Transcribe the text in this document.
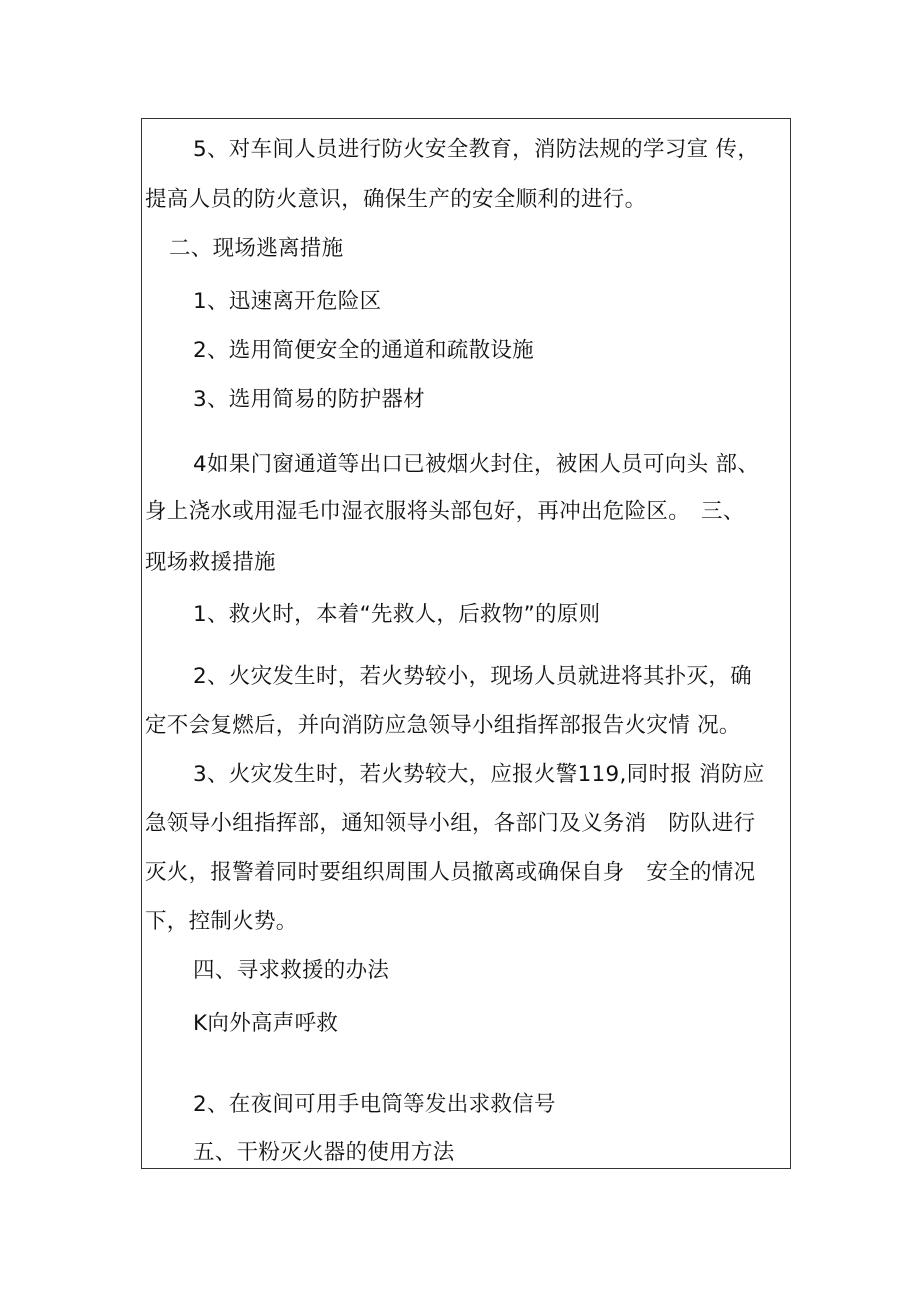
5、对车间人员进行防火安全教育，消防法规的学习宣 传，
提高人员的防火意识，确保生产的安全顺利的进行。
二、现场逃离措施
1、迅速离开危险区
2、选用简便安全的通道和疏散设施
3、选用简易的防护器材
4如果门窗通道等出口已被烟火封住，被困人员可向头 部、
身上浇水或用湿毛巾湿衣服将头部包好，再冲出危险区。　三、
现场救援措施
1、救火时，本着“先救人，后救物”的原则
2、火灾发生时，若火势较小，现场人员就进将其扑灭，确
定不会复燃后，并向消防应急领导小组指挥部报告火灾情 况。
3、火灾发生时，若火势较大，应报火警119,同时报 消防应
急领导小组指挥部，通知领导小组，各部门及义务消　防队进行
灭火，报警着同时要组织周围人员撤离或确保自身　安全的情况
下，控制火势。
四、寻求救援的办法
K向外高声呼救
2、在夜间可用手电筒等发出求救信号
五、干粉灭火器的使用方法
